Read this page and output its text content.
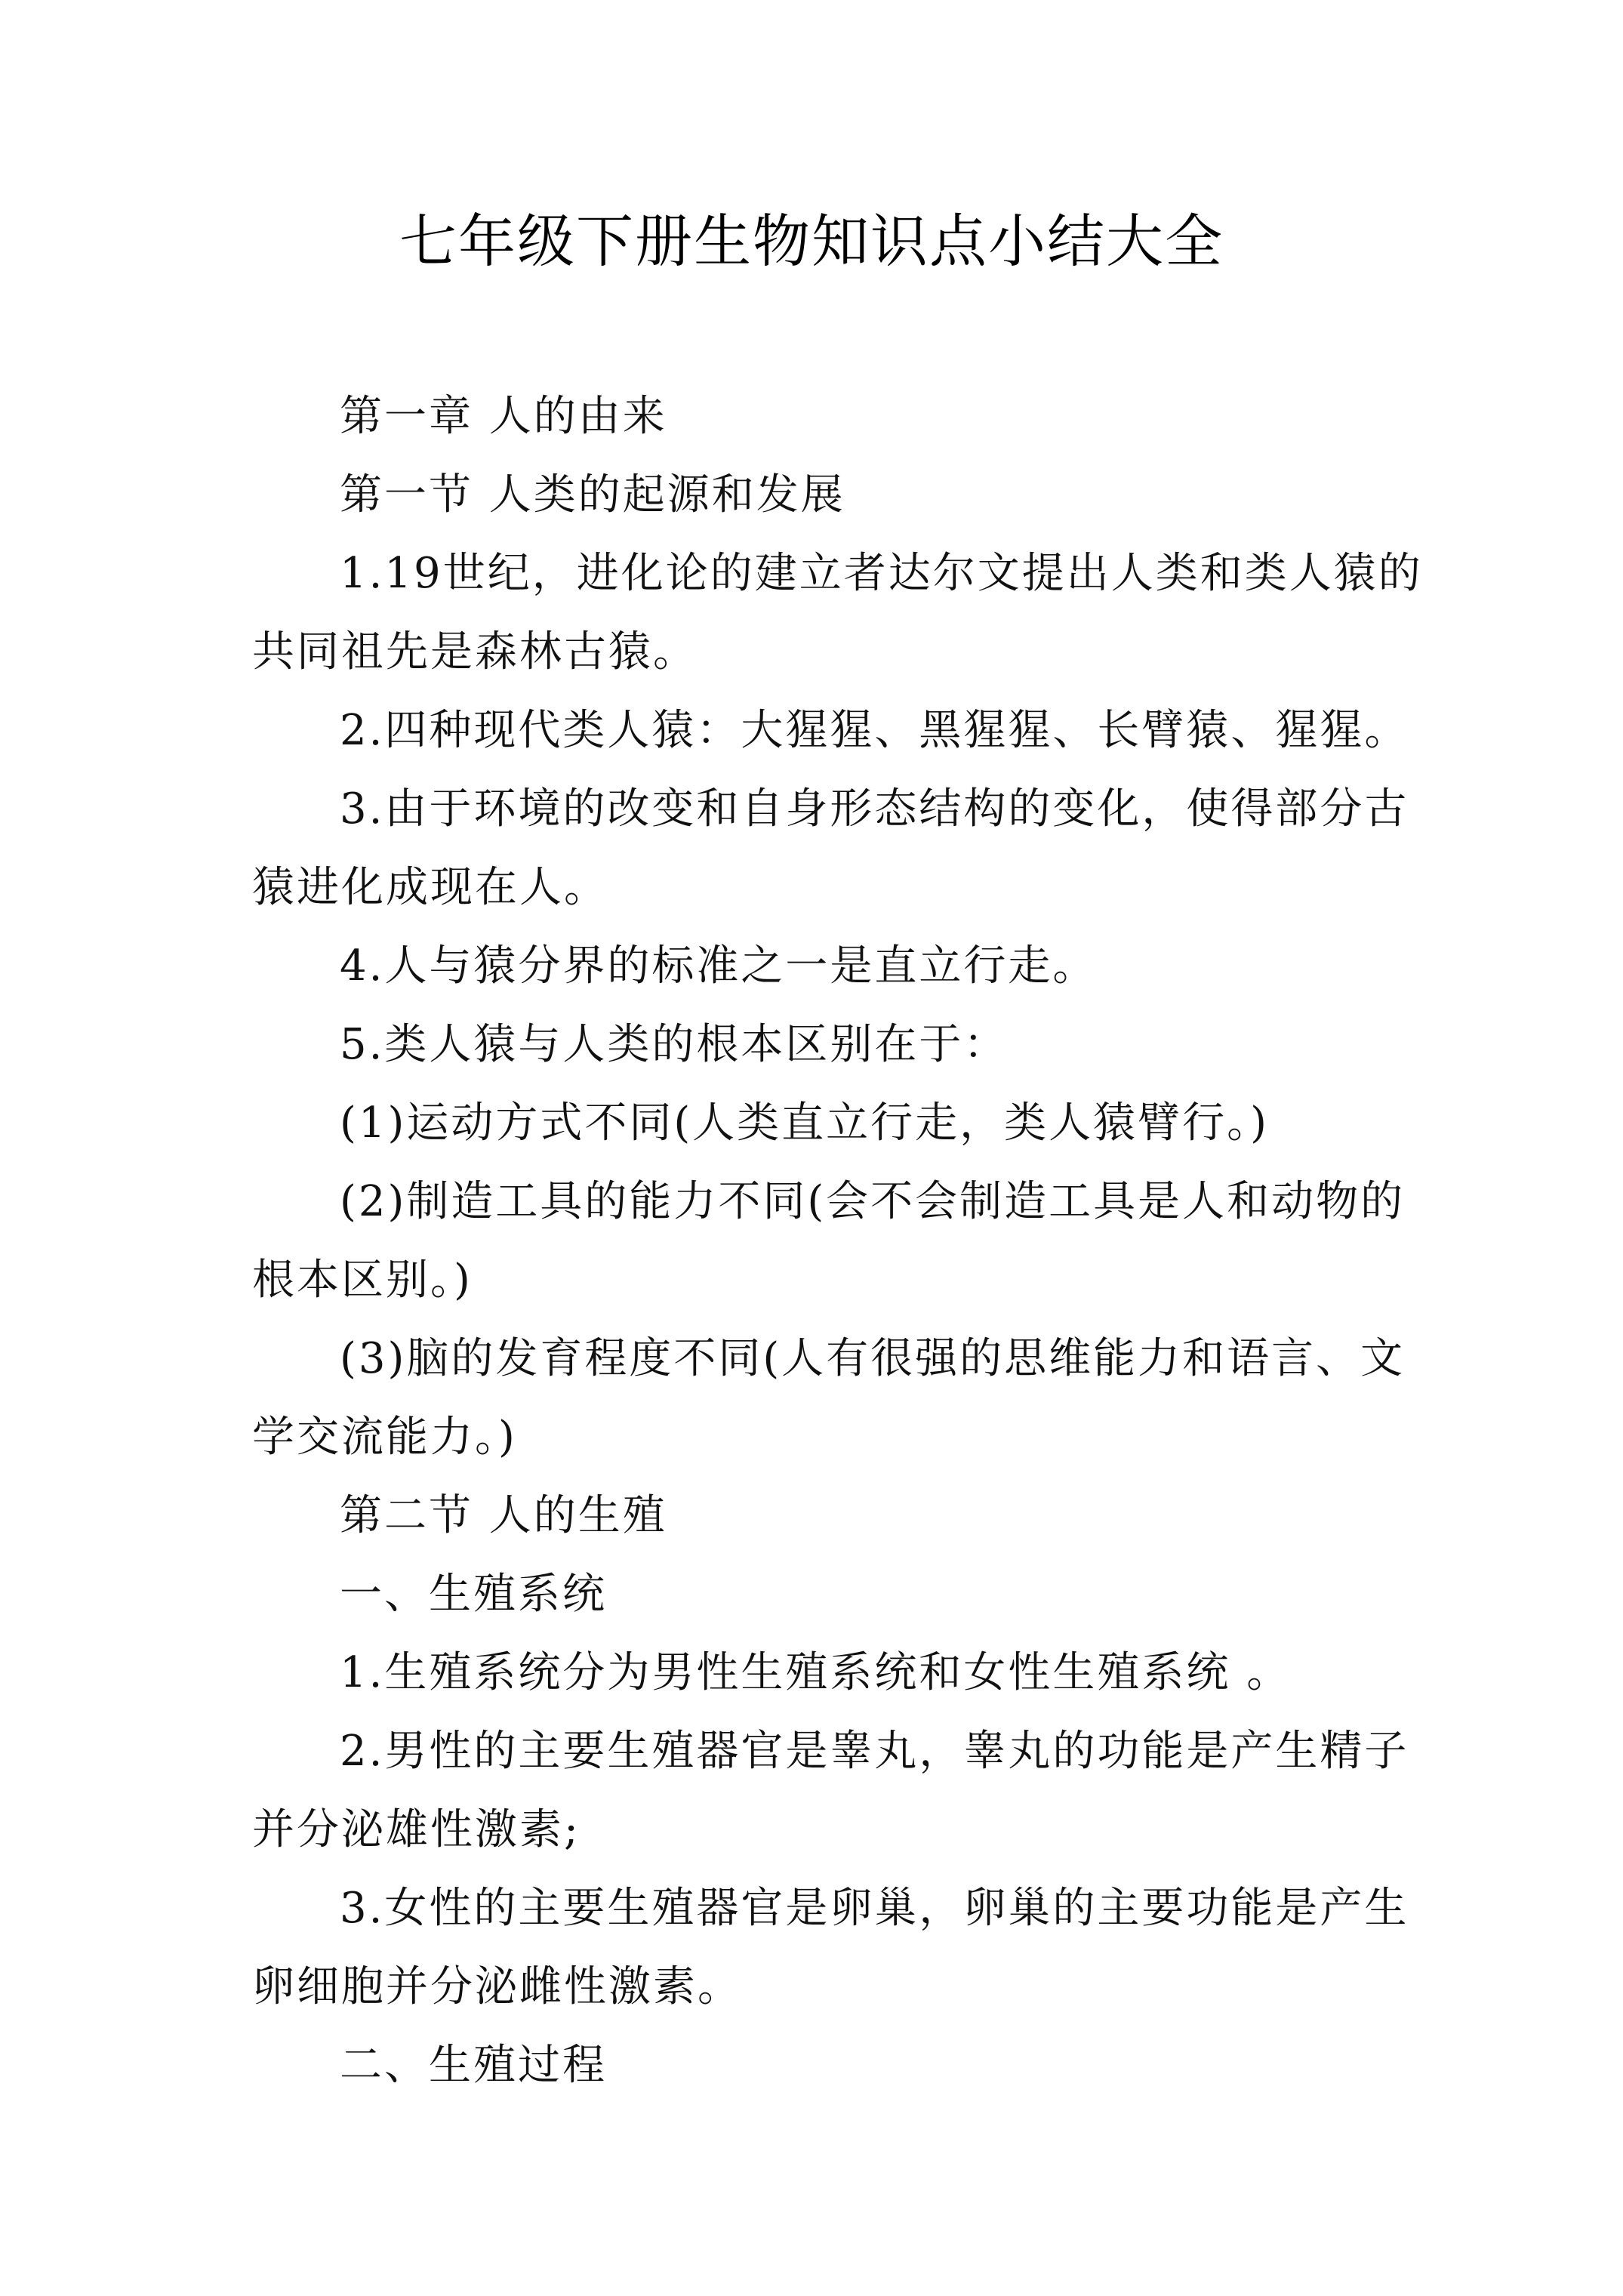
七年级下册生物知识点小结大全
第一章 人的由来
第一节 人类的起源和发展
1.19世纪，进化论的建立者达尔文提出人类和类人猿的
共同祖先是森林古猿。
2.四种现代类人猿：大猩猩、黑猩猩、长臂猿、猩猩。
3.由于环境的改变和自身形态结构的变化，使得部分古
猿进化成现在人。
4.人与猿分界的标准之一是直立行走。
5.类人猿与人类的根本区别在于：
(1)运动方式不同(人类直立行走，类人猿臂行。)
(2)制造工具的能力不同(会不会制造工具是人和动物的
根本区别。)
(3)脑的发育程度不同(人有很强的思维能力和语言、文
学交流能力。)
第二节 人的生殖
一、生殖系统
1.生殖系统分为男性生殖系统和女性生殖系统 。
2.男性的主要生殖器官是睾丸，睾丸的功能是产生精子
并分泌雄性激素;
3.女性的主要生殖器官是卵巢，卵巢的主要功能是产生
卵细胞并分泌雌性激素。
二、生殖过程
